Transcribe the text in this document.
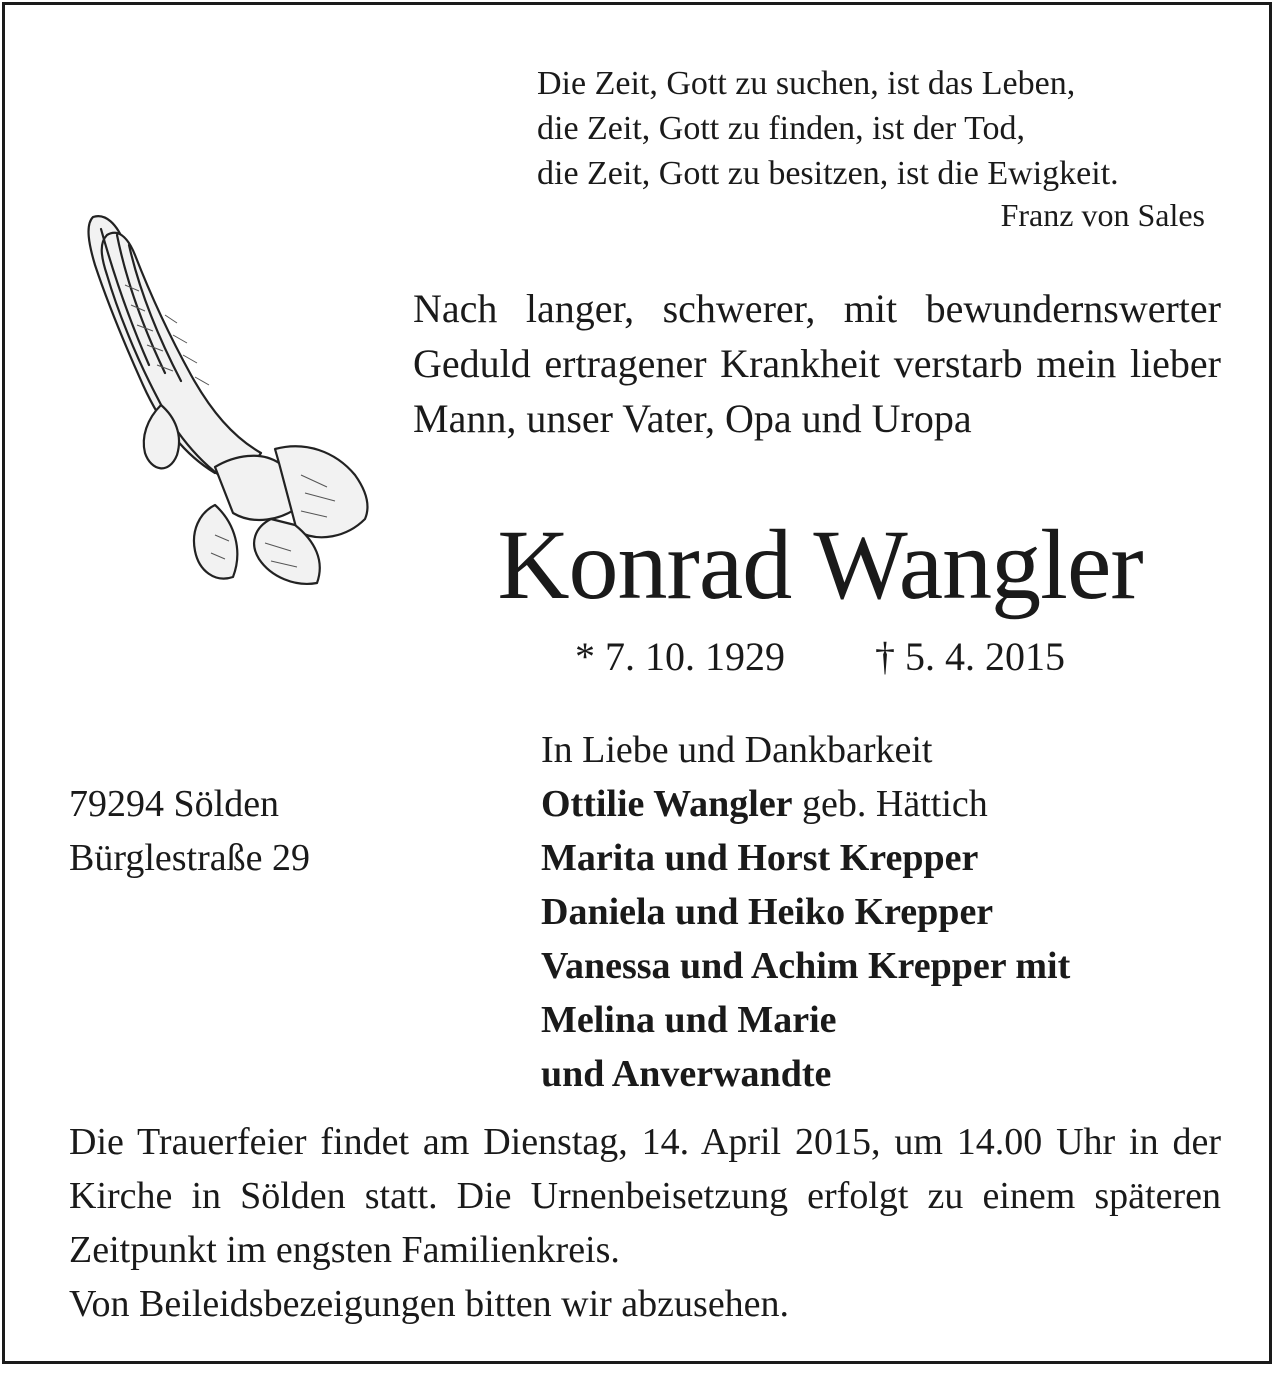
Die Zeit, Gott zu suchen, ist das Leben,
die Zeit, Gott zu finden, ist der Tod,
die Zeit, Gott zu besitzen, ist die Ewigkeit.
Franz von Sales
Nach langer, schwerer, mit bewundernswerter Geduld ertragener Krankheit verstarb mein lieber Mann, unser Vater, Opa und Uropa
Konrad Wangler
* 7. 10. 1929 † 5. 4. 2015
79294 Sölden
Bürglestraße 29
In Liebe und Dankbarkeit
Ottilie Wangler geb. Hättich
Marita und Horst Krepper
Daniela und Heiko Krepper
Vanessa und Achim Krepper mit
Melina und Marie
und Anverwandte
Die Trauerfeier findet am Dienstag, 14. April 2015, um 14.00 Uhr in der Kirche in Sölden statt. Die Urnenbeisetzung erfolgt zu einem späteren Zeitpunkt im engsten Familienkreis.
Von Beileidsbezeigungen bitten wir abzusehen.
